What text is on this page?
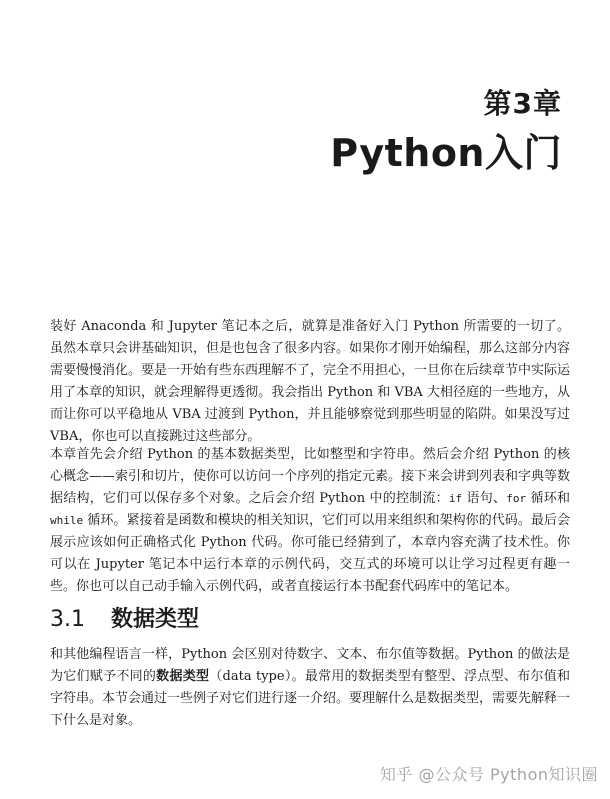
第3章
Python入门

装好 Anaconda 和 Jupyter 笔记本之后，就算是准备好入门 Python 所需要的一切了。虽然本章只会讲基础知识，但是也包含了很多内容。如果你才刚开始编程，那么这部分内容需要慢慢消化。要是一开始有些东西理解不了，完全不用担心，一旦你在后续章节中实际运用了本章的知识，就会理解得更透彻。我会指出 Python 和 VBA 大相径庭的一些地方，从而让你可以平稳地从 VBA 过渡到 Python，并且能够察觉到那些明显的陷阱。如果没写过 VBA，你也可以直接跳过这些部分。

本章首先会介绍 Python 的基本数据类型，比如整型和字符串。然后会介绍 Python 的核心概念——索引和切片，使你可以访问一个序列的指定元素。接下来会讲到列表和字典等数据结构，它们可以保存多个对象。之后会介绍 Python 中的控制流：if 语句、for 循环和while 循环。紧接着是函数和模块的相关知识，它们可以用来组织和架构你的代码。最后会展示应该如何正确格式化 Python 代码。你可能已经猜到了，本章内容充满了技术性。你可以在 Jupyter 笔记本中运行本章的示例代码，交互式的环境可以让学习过程更有趣一些。你也可以自己动手输入示例代码，或者直接运行本书配套代码库中的笔记本。

3.1 数据类型

和其他编程语言一样，Python 会区别对待数字、文本、布尔值等数据。Python 的做法是为它们赋予不同的数据类型（data type）。最常用的数据类型有整型、浮点型、布尔值和字符串。本节会通过一些例子对它们进行逐一介绍。要理解什么是数据类型，需要先解释一下什么是对象。

知乎 @公众号 Python知识圈
